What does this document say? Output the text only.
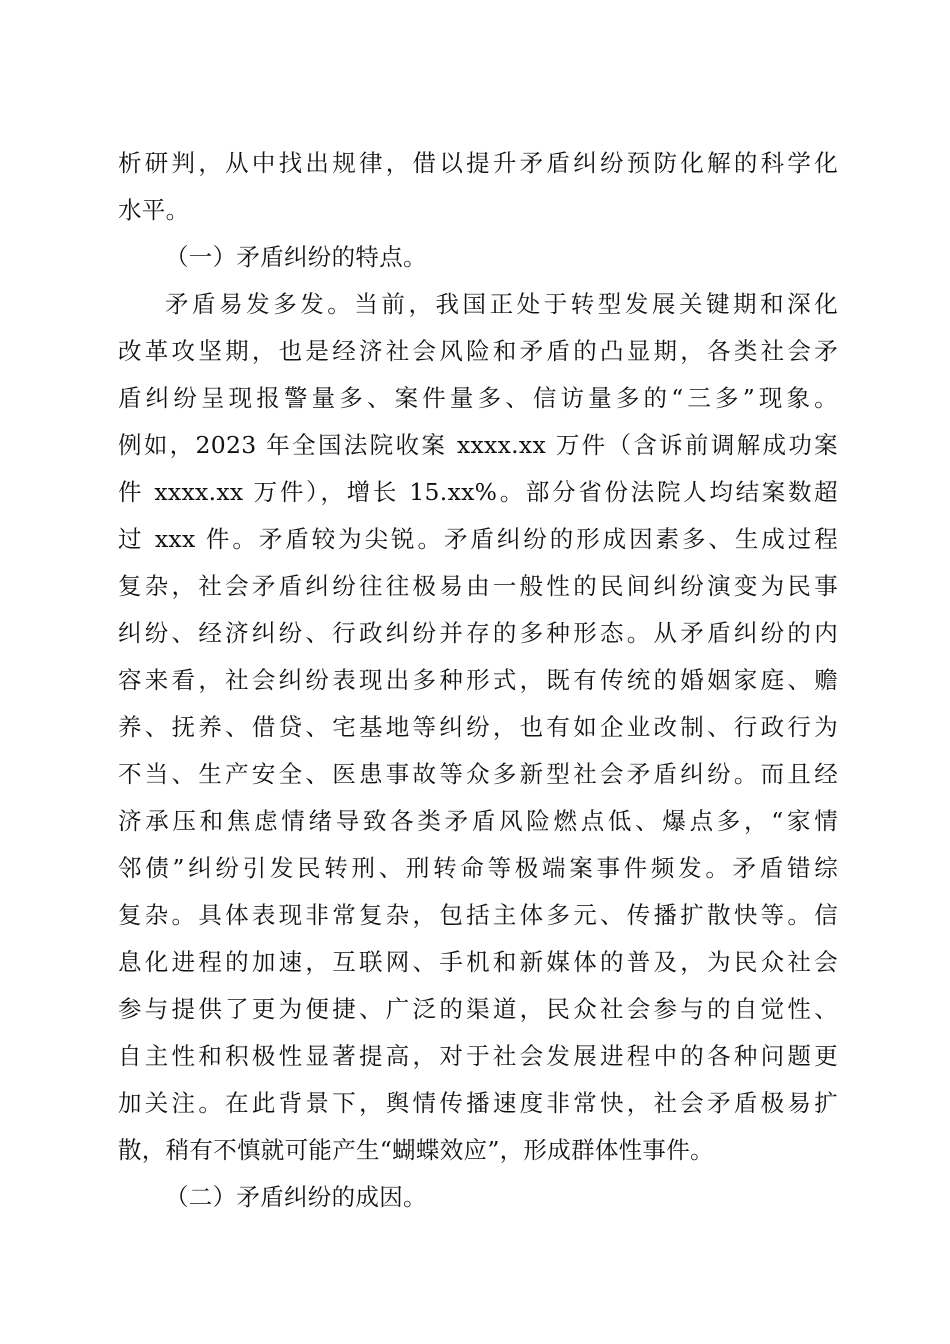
析研判，从中找出规律，借以提升矛盾纠纷预防化解的科学化
水平。
（一）矛盾纠纷的特点。
矛盾易发多发。当前，我国正处于转型发展关键期和深化
改革攻坚期，也是经济社会风险和矛盾的凸显期，各类社会矛
盾纠纷呈现报警量多、案件量多、信访量多的“三多”现象。
例如，2023 年全国法院收案 xxxx.xx 万件（含诉前调解成功案
件 xxxx.xx 万件），增长 15.xx%。部分省份法院人均结案数超
过 xxx 件。矛盾较为尖锐。矛盾纠纷的形成因素多、生成过程
复杂，社会矛盾纠纷往往极易由一般性的民间纠纷演变为民事
纠纷、经济纠纷、行政纠纷并存的多种形态。从矛盾纠纷的内
容来看，社会纠纷表现出多种形式，既有传统的婚姻家庭、赡
养、抚养、借贷、宅基地等纠纷，也有如企业改制、行政行为
不当、生产安全、医患事故等众多新型社会矛盾纠纷。而且经
济承压和焦虑情绪导致各类矛盾风险燃点低、爆点多，“家情
邻债”纠纷引发民转刑、刑转命等极端案事件频发。矛盾错综
复杂。具体表现非常复杂，包括主体多元、传播扩散快等。信
息化进程的加速，互联网、手机和新媒体的普及，为民众社会
参与提供了更为便捷、广泛的渠道，民众社会参与的自觉性、
自主性和积极性显著提高，对于社会发展进程中的各种问题更
加关注。在此背景下，舆情传播速度非常快，社会矛盾极易扩
散，稍有不慎就可能产生“蝴蝶效应”，形成群体性事件。
（二）矛盾纠纷的成因。
